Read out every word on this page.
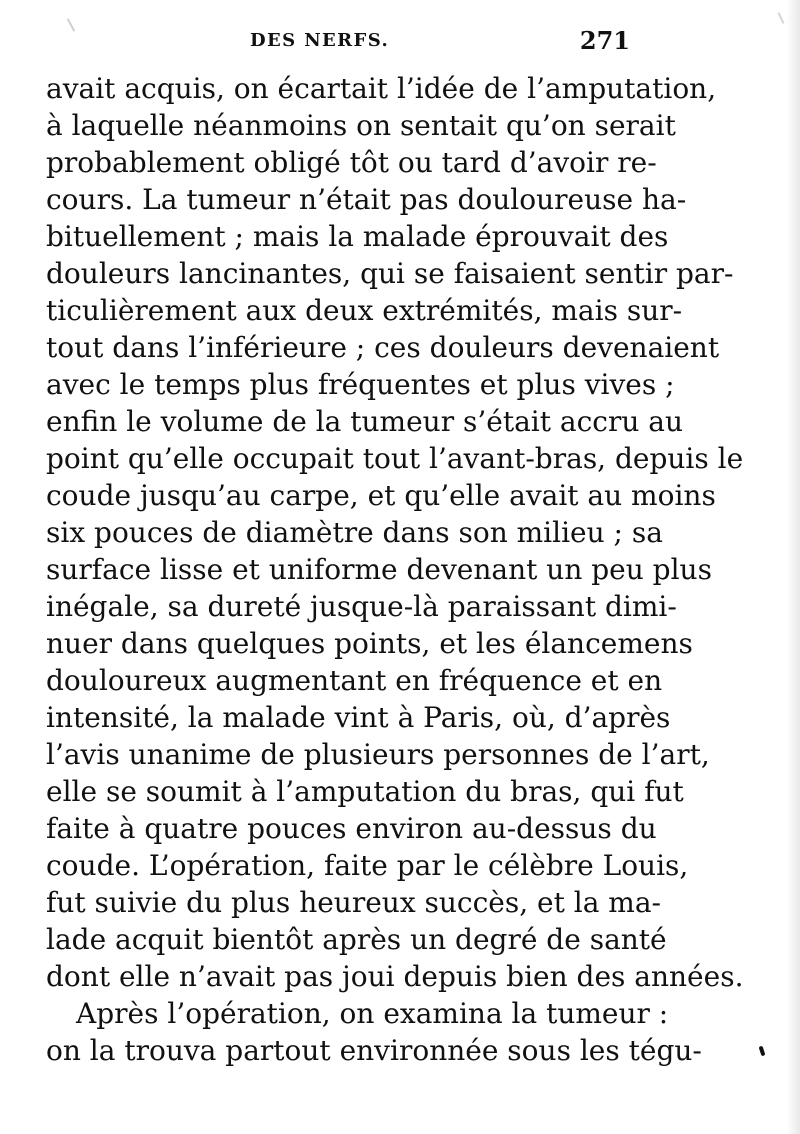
DES NERFS.	271
avait acquis, on écartait l’idée de l’amputation,
à laquelle néanmoins on sentait qu’on serait
probablement obligé tôt ou tard d’avoir re-
cours. La tumeur n’était pas douloureuse ha-
bituellement ; mais la malade éprouvait des
douleurs lancinantes, qui se faisaient sentir par-
ticulièrement aux deux extrémités, mais sur-
tout dans l’inférieure ; ces douleurs devenaient
avec le temps plus fréquentes et plus vives ;
enfin le volume de la tumeur s’était accru au
point qu’elle occupait tout l’avant-bras, depuis le
coude jusqu’au carpe, et qu’elle avait au moins
six pouces de diamètre dans son milieu ; sa
surface lisse et uniforme devenant un peu plus
inégale, sa dureté jusque-là paraissant dimi-
nuer dans quelques points, et les élancemens
douloureux augmentant en fréquence et en
intensité, la malade vint à Paris, où, d’après
l’avis unanime de plusieurs personnes de l’art,
elle se soumit à l’amputation du bras, qui fut
faite à quatre pouces environ au-dessus du
coude. L’opération, faite par le célèbre Louis,
fut suivie du plus heureux succès, et la ma-
lade acquit bientôt après un degré de santé
dont elle n’avait pas joui depuis bien des années.
Après l’opération, on examina la tumeur :
on la trouva partout environnée sous les tégu-
